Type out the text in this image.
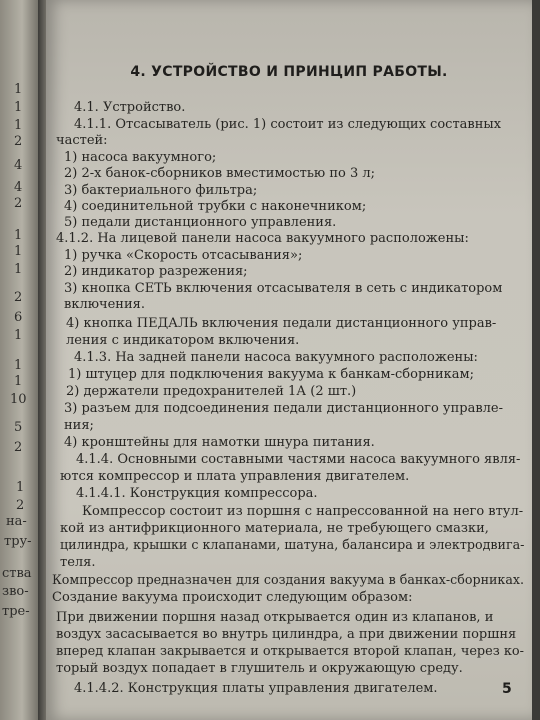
1
1
1
2
4
4
2
1
1
1
2
6
1
1
1
10
5
2
1
2
на-
тру-
ства
зво-
тре-
4. УСТРОЙСТВО И ПРИНЦИП РАБОТЫ.
4.1. Устройство.
4.1.1. Отсасыватель (рис. 1) состоит из следующих составных
частей:
1) насоса вакуумного;
2) 2-х банок-сборников вместимостью по 3 л;
3) бактериального фильтра;
4) соединительной трубки с наконечником;
5) педали дистанционного управления.
4.1.2. На лицевой панели насоса вакуумного расположены:
1) ручка «Скорость отсасывания»;
2) индикатор разрежения;
3) кнопка СЕТЬ включения отсасывателя в сеть с индикатором
включения.
4) кнопка ПЕДАЛЬ включения педали дистанционного управ-
ления с индикатором включения.
4.1.3. На задней панели насоса вакуумного расположены:
1) штуцер для подключения вакуума к банкам-сборникам;
2) держатели предохранителей 1А (2 шт.)
3) разъем для подсоединения педали дистанционного управле-
ния;
4) кронштейны для намотки шнура питания.
4.1.4. Основными составными частями насоса вакуумного явля-
ются компрессор и плата управления двигателем.
4.1.4.1. Конструкция компрессора.
Компрессор состоит из поршня с напрессованной на него втул-
кой из антифрикционного материала, не требующего смазки,
цилиндра, крышки с клапанами, шатуна, балансира и электродвига-
теля.
Компрессор предназначен для создания вакуума в банках-сборниках.
Создание вакуума происходит следующим образом:
При движении поршня назад открывается один из клапанов, и
воздух засасывается во внутрь цилиндра, а при движении поршня
вперед клапан закрывается и открывается второй клапан, через ко-
торый воздух попадает в глушитель и окружающую среду.
4.1.4.2. Конструкция платы управления двигателем.	5
